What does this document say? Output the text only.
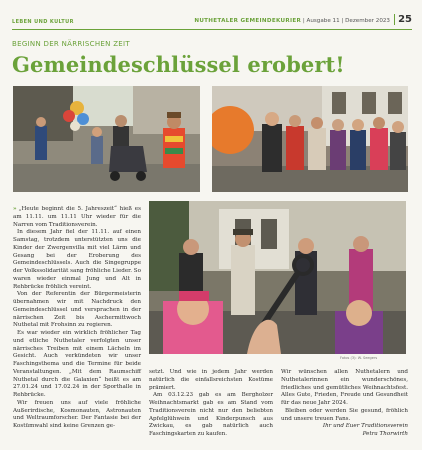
LEBEN UND KULTUR	NUTHETALER GEMEINDEKURIER | Ausgabe 11 | Dezember 2023 25
BEGINN DER NÄRRISCHEN ZEIT
Gemeindeschlüssel erobert!
Fotos (3): W. Seegers

» „Heute beginnt die 5. Jahreszeit“ hieß es am 11.11. um 11.11 Uhr wieder für die Narren vom Traditionsverein.

In diesem Jahr fiel der 11.11. auf einen Samstag, trotzdem unterstützten uns die Kinder der Zwergenvilla mit viel Lärm und Gesang bei der Eroberung des Gemeindeschlüssels. Auch die Singegruppe der Volkssolidarität sang fröhliche Lieder. So waren wieder einmal Jung und Alt in Rehbrücke fröhlich vereint.

Von der Referentin der Bürgermeisterin übernahmen wir mit Nachdruck den Gemeindeschlüssel und versprachen in der närrischen Zeit bis Aschermittwoch Nuthetal mit Frohsinn zu regieren.

Es war wieder ein wirklich fröhlicher Tag und etliche Nuthetaler verfolgten unser närrisches Treiben mit einem Lächeln im Gesicht. Auch verkündeten wir unser Faschingsthema und die Termine für beide Veranstaltungen. „Mit dem Raumschiff Nuthetal durch die Galaxien“ heißt es am 27.01.24 und 17.02.24 in der Sporthalle in Rehbrücke.

Wir freuen uns auf viele fröhliche Außerirdische, Kosmonauten, Astronauten und Weltraumforscher. Der Fantasie bei der Kostümwahl sind keine Grenzen ge-

setzt. Und wie in jedem Jahr werden natürlich die einfallsreichsten Kostüme prämiert.

Am 03.12.23 gab es am Bergholzer Weihnachtsmarkt gab es am Stand vom Traditionsverein nicht nur den beliebten Apfelglühwein und Kinderpunsch aus Zwickau, es gab natürlich auch Faschingskarten zu kaufen.

Wir wünschen allen Nuthetalern und Nuthetalerinnen ein wunderschönes, friedliches und gemütliches Weihnachtsfest. Alles Gute, Frieden, Freude und Gesundheit für das neue Jahr 2024.

Bleiben oder werden Sie gesund, fröhlich und unsere treuen Fans.

Ihr und Euer Traditionsverein
Petra Thorwirth
